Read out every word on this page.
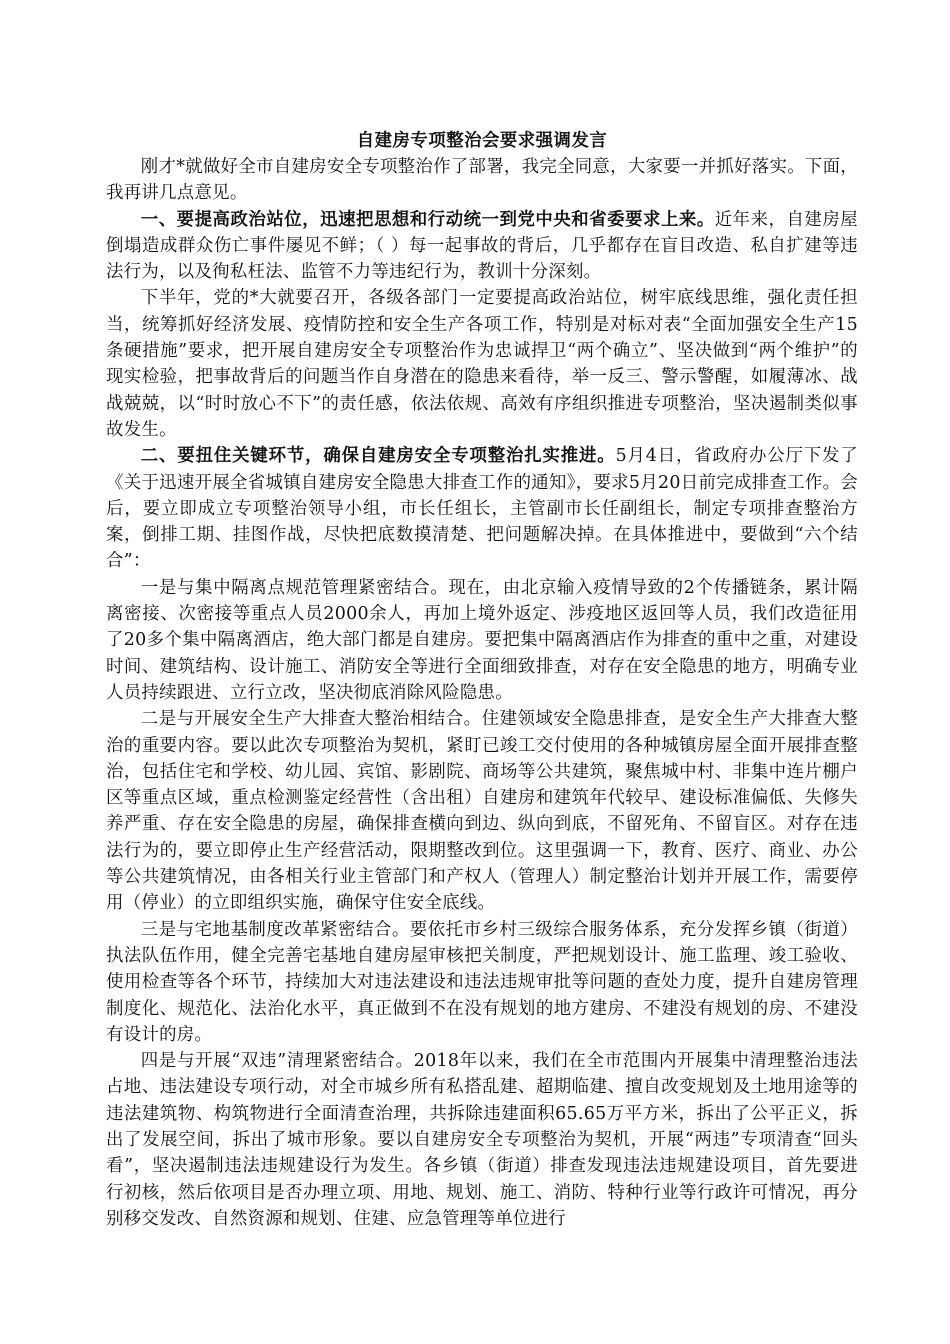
自建房专项整治会要求强调发言

刚才*就做好全市自建房安全专项整治作了部署，我完全同意，大家要一并抓好落实。下面，我再讲几点意见。

一、要提高政治站位，迅速把思想和行动统一到党中央和省委要求上来。近年来，自建房屋倒塌造成群众伤亡事件屡见不鲜；（ ）每一起事故的背后，几乎都存在盲目改造、私自扩建等违法行为，以及徇私枉法、监管不力等违纪行为，教训十分深刻。

下半年，党的*大就要召开，各级各部门一定要提高政治站位，树牢底线思维，强化责任担当，统筹抓好经济发展、疫情防控和安全生产各项工作，特别是对标对表“全面加强安全生产15条硬措施”要求，把开展自建房安全专项整治作为忠诚捍卫“两个确立”、坚决做到“两个维护”的现实检验，把事故背后的问题当作自身潜在的隐患来看待，举一反三、警示警醒，如履薄冰、战战兢兢，以“时时放心不下”的责任感，依法依规、高效有序组织推进专项整治，坚决遏制类似事故发生。

二、要扭住关键环节，确保自建房安全专项整治扎实推进。5月4日，省政府办公厅下发了《关于迅速开展全省城镇自建房安全隐患大排查工作的通知》，要求5月20日前完成排查工作。会后，要立即成立专项整治领导小组，市长任组长，主管副市长任副组长，制定专项排查整治方案，倒排工期、挂图作战，尽快把底数摸清楚、把问题解决掉。在具体推进中，要做到“六个结合”：

一是与集中隔离点规范管理紧密结合。现在，由北京输入疫情导致的2个传播链条，累计隔离密接、次密接等重点人员2000余人，再加上境外返定、涉疫地区返回等人员，我们改造征用了20多个集中隔离酒店，绝大部门都是自建房。要把集中隔离酒店作为排查的重中之重，对建设时间、建筑结构、设计施工、消防安全等进行全面细致排查，对存在安全隐患的地方，明确专业人员持续跟进、立行立改，坚决彻底消除风险隐患。

二是与开展安全生产大排查大整治相结合。住建领域安全隐患排查，是安全生产大排查大整治的重要内容。要以此次专项整治为契机，紧盯已竣工交付使用的各种城镇房屋全面开展排查整治，包括住宅和学校、幼儿园、宾馆、影剧院、商场等公共建筑，聚焦城中村、非集中连片棚户区等重点区域，重点检测鉴定经营性（含出租）自建房和建筑年代较早、建设标准偏低、失修失养严重、存在安全隐患的房屋，确保排查横向到边、纵向到底，不留死角、不留盲区。对存在违法行为的，要立即停止生产经营活动，限期整改到位。这里强调一下，教育、医疗、商业、办公等公共建筑情况，由各相关行业主管部门和产权人（管理人）制定整治计划并开展工作，需要停用（停业）的立即组织实施，确保守住安全底线。

三是与宅地基制度改革紧密结合。要依托市乡村三级综合服务体系，充分发挥乡镇（街道）执法队伍作用，健全完善宅基地自建房屋审核把关制度，严把规划设计、施工监理、竣工验收、使用检查等各个环节，持续加大对违法建设和违法违规审批等问题的查处力度，提升自建房管理制度化、规范化、法治化水平，真正做到不在没有规划的地方建房、不建没有规划的房、不建没有设计的房。

四是与开展“双违”清理紧密结合。2018年以来，我们在全市范围内开展集中清理整治违法占地、违法建设专项行动，对全市城乡所有私搭乱建、超期临建、擅自改变规划及土地用途等的违法建筑物、构筑物进行全面清查治理，共拆除违建面积65.65万平方米，拆出了公平正义，拆出了发展空间，拆出了城市形象。要以自建房安全专项整治为契机，开展“两违”专项清查“回头看”，坚决遏制违法违规建设行为发生。各乡镇（街道）排查发现违法违规建设项目，首先要进行初核，然后依项目是否办理立项、用地、规划、施工、消防、特种行业等行政许可情况，再分别移交发改、自然资源和规划、住建、应急管理等单位进行
